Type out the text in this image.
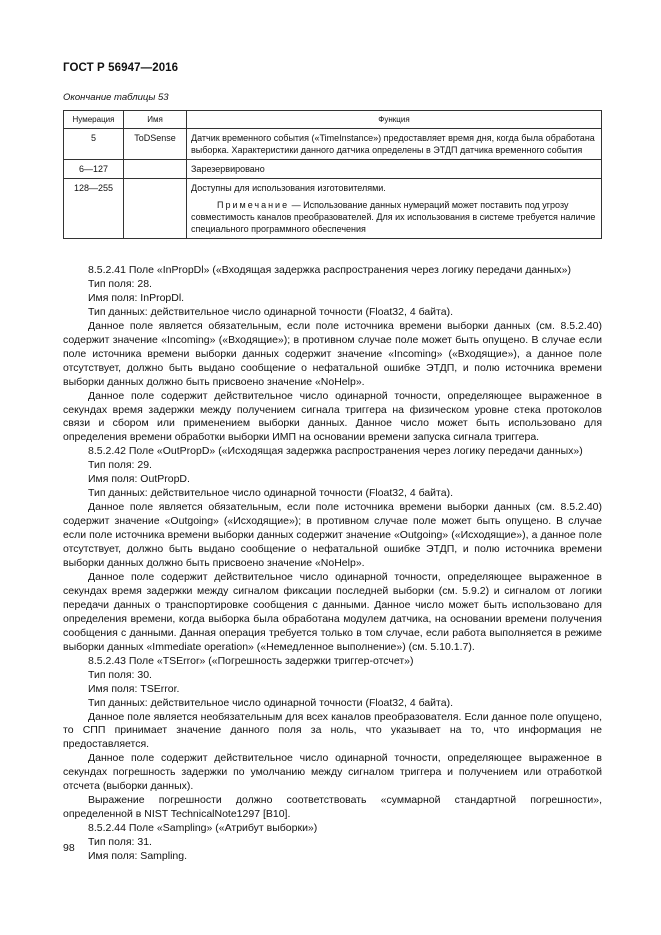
ГОСТ Р 56947—2016
Окончание таблицы 53
Нумерация	Имя	Функция
5	ToDSense	Датчик временного события («TimeInstance») предоставляет время дня, когда была обработана выборка. Характеристики данного датчика определены в ЭТДП датчика временного события
6—127		Зарезервировано
128—255		Доступны для использования изготовителями.
Примечание — Использование данных нумераций может поставить под угрозу совместимость каналов преобразователей. Для их использования в системе требуется наличие специального программного обеспечения

8.5.2.41 Поле «InPropDl» («Входящая задержка распространения через логику передачи данных»)

Тип поля: 28.

Имя поля: InPropDl.

Тип данных: действительное число одинарной точности (Float32, 4 байта).

Данное поле является обязательным, если поле источника времени выборки данных (см. 8.5.2.40) содержит значение «Incoming» («Входящие»); в противном случае поле может быть опущено. В случае если поле источника времени выборки данных содержит значение «Incoming» («Входящие»), а данное поле отсутствует, должно быть выдано сообщение о нефатальной ошибке ЭТДП, и полю источника времени выборки данных должно быть присвоено значение «NoHelp».

Данное поле содержит действительное число одинарной точности, определяющее выраженное в секундах время задержки между получением сигнала триггера на физическом уровне стека протоколов связи и сбором или применением выборки данных. Данное число может быть использовано для определения времени обработки выборки ИМП на основании времени запуска сигнала триггера.

8.5.2.42 Поле «OutPropD» («Исходящая задержка распространения через логику передачи данных»)

Тип поля: 29.

Имя поля: OutPropD.

Тип данных: действительное число одинарной точности (Float32, 4 байта).

Данное поле является обязательным, если поле источника времени выборки данных (см. 8.5.2.40) содержит значение «Outgoing» («Исходящие»); в противном случае поле может быть опущено. В случае если поле источника времени выборки данных содержит значение «Outgoing» («Исходящие»), а данное поле отсутствует, должно быть выдано сообщение о нефатальной ошибке ЭТДП, и полю источника времени выборки данных должно быть присвоено значение «NoHelp».

Данное поле содержит действительное число одинарной точности, определяющее выраженное в секундах время задержки между сигналом фиксации последней выборки (см. 5.9.2) и сигналом от логики передачи данных о транспортировке сообщения с данными. Данное число может быть использовано для определения времени, когда выборка была обработана модулем датчика, на основании времени получения сообщения с данными. Данная операция требуется только в том случае, если работа выполняется в режиме выборки данных «Immediate operation» («Немедленное выполнение») (см. 5.10.1.7).

8.5.2.43 Поле «TSError» («Погрешность задержки триггер-отсчет»)

Тип поля: 30.

Имя поля: TSError.

Тип данных: действительное число одинарной точности (Float32, 4 байта).

Данное поле является необязательным для всех каналов преобразователя. Если данное поле опущено, то СПП принимает значение данного поля за ноль, что указывает на то, что информация не предоставляется.

Данное поле содержит действительное число одинарной точности, определяющее выраженное в секундах погрешность задержки по умолчанию между сигналом триггера и получением или отработкой отсчета (выборки данных).

Выражение погрешности должно соответствовать «суммарной стандартной погрешности», определенной в NIST TechnicalNote1297 [B10].

8.5.2.44 Поле «Sampling» («Атрибут выборки»)

Тип поля: 31.

Имя поля: Sampling.

98
